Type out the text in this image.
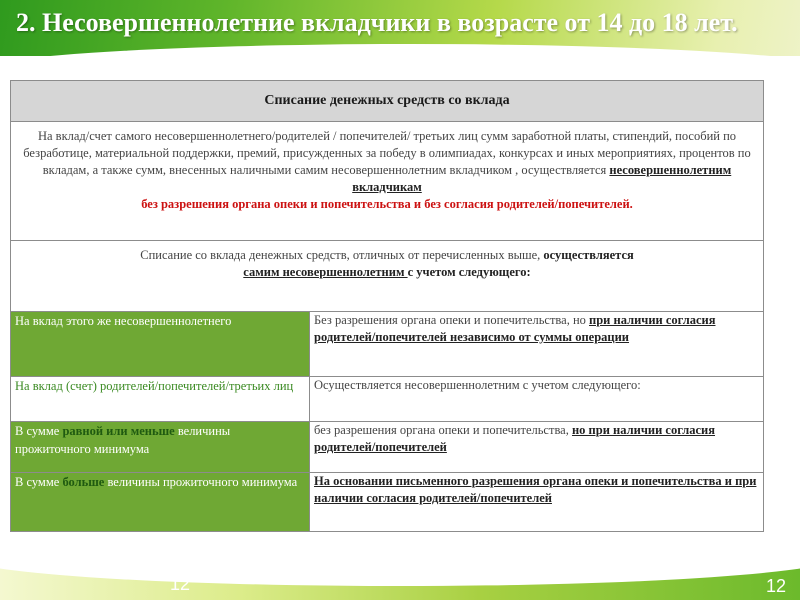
2. Несовершеннолетние вкладчики в возрасте от 14 до 18 лет.
Списание денежных средств со вклада	
На вклад/счет самого несовершеннолетнего/родителей / попечителей/ третьих лиц сумм заработной платы, стипендий, пособий по безработице, материальной поддержки, премий, присужденных за победу в олимпиадах, конкурсах и иных мероприятиях, процентов по вкладам, а также сумм, внесенных наличными самим несовершеннолетним вкладчиком , осуществляется несовершеннолетним вкладчикам
без разрешения органа опеки и попечительства и без согласия родителей/попечителей.	
Списание со вклада денежных средств, отличных от перечисленных выше, осуществляется
самим несовершеннолетним с учетом следующего:	
На вклад этого же несовершеннолетнего	Без разрешения органа опеки и попечительства, но при наличии согласия родителей/попечителей независимо от суммы операции
На вклад (счет) родителей/попечителей/третьих лиц	Осуществляется несовершеннолетним с учетом следующего:
В сумме равной или меньше величины прожиточного минимума	без разрешения органа опеки и попечительства, но при наличии согласия родителей/попечителей
В сумме больше величины прожиточного минимума	На основании письменного разрешения органа опеки и попечительства и при наличии согласия родителей/попечителей
12	12
